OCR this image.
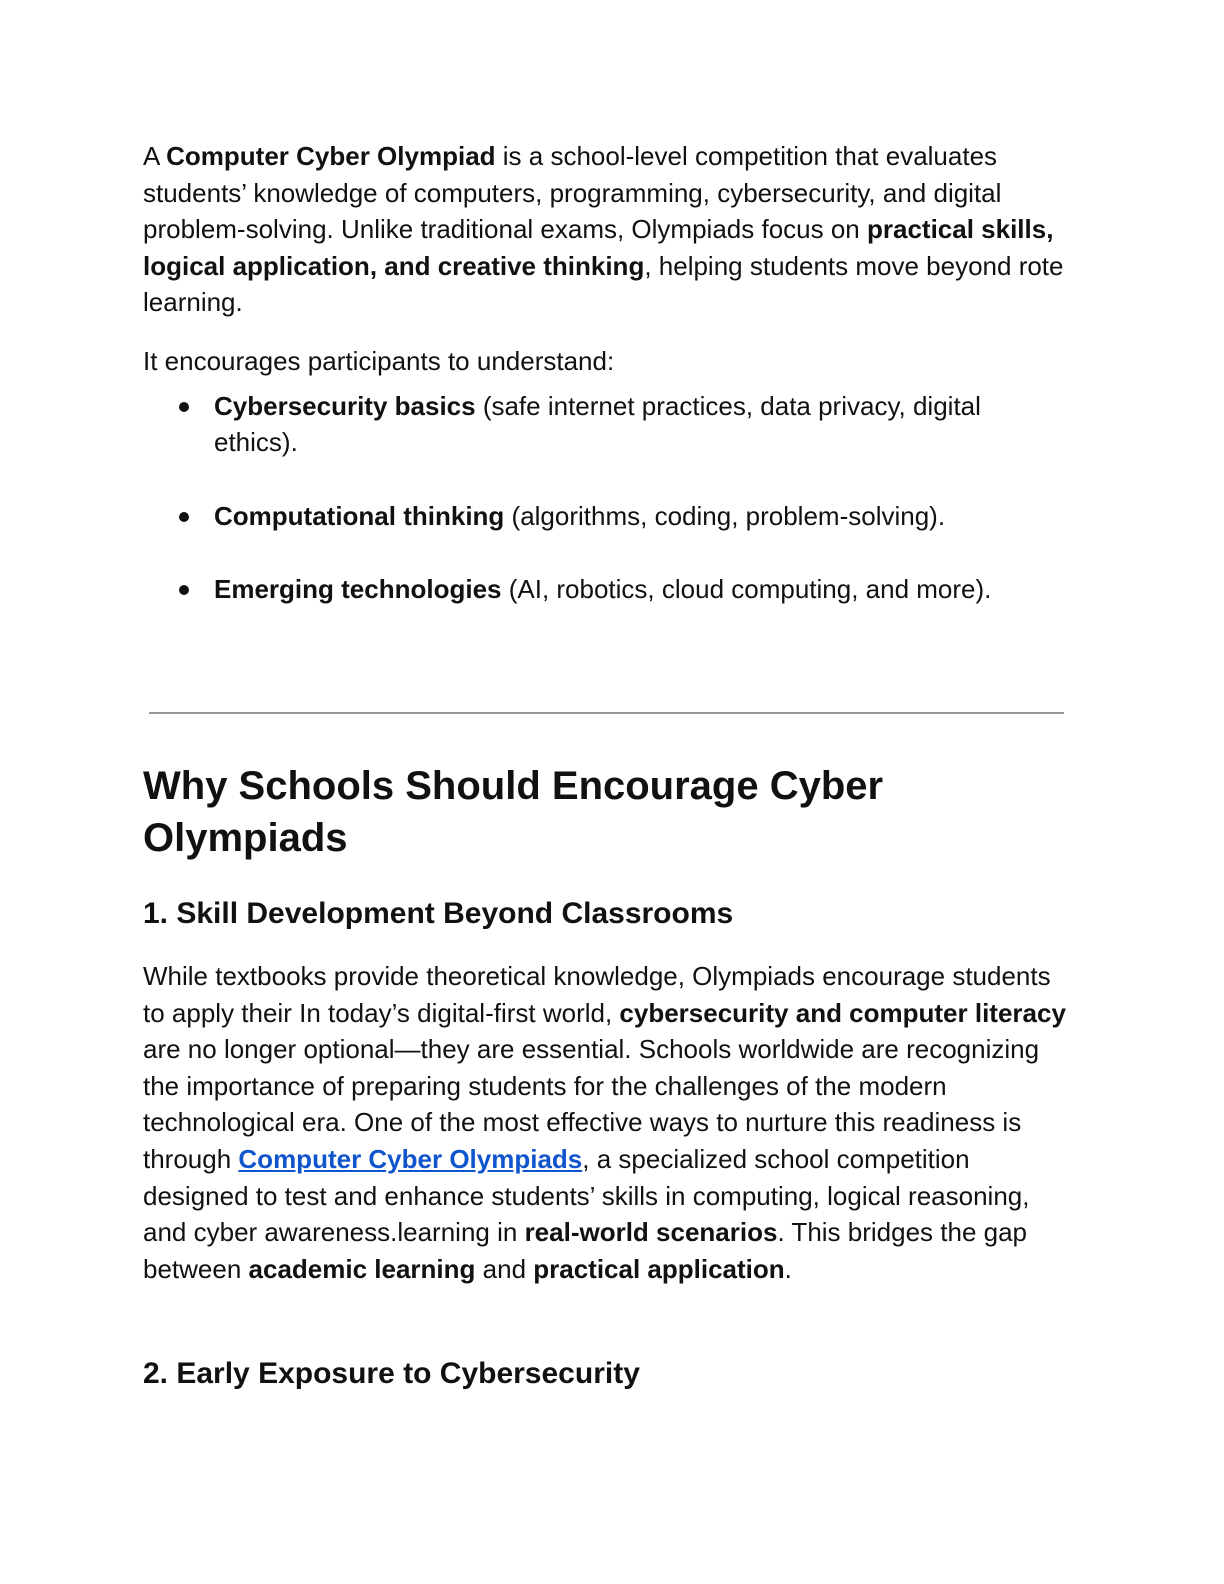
A Computer Cyber Olympiad is a school-level competition that evaluates students’ knowledge of computers, programming, cybersecurity, and digital problem-solving. Unlike traditional exams, Olympiads focus on practical skills, logical application, and creative thinking, helping students move beyond rote learning.

It encourages participants to understand:

Cybersecurity basics (safe internet practices, data privacy, digital ethics).
Computational thinking (algorithms, coding, problem-solving).
Emerging technologies (AI, robotics, cloud computing, and more).
Why Schools Should Encourage Cyber Olympiads
1. Skill Development Beyond Classrooms

While textbooks provide theoretical knowledge, Olympiads encourage students to apply their In today’s digital-first world, cybersecurity and computer literacy are no longer optional—they are essential. Schools worldwide are recognizing the importance of preparing students for the challenges of the modern technological era. One of the most effective ways to nurture this readiness is through Computer Cyber Olympiads, a specialized school competition designed to test and enhance students’ skills in computing, logical reasoning, and cyber awareness.learning in real-world scenarios. This bridges the gap between academic learning and practical application.

2. Early Exposure to Cybersecurity
